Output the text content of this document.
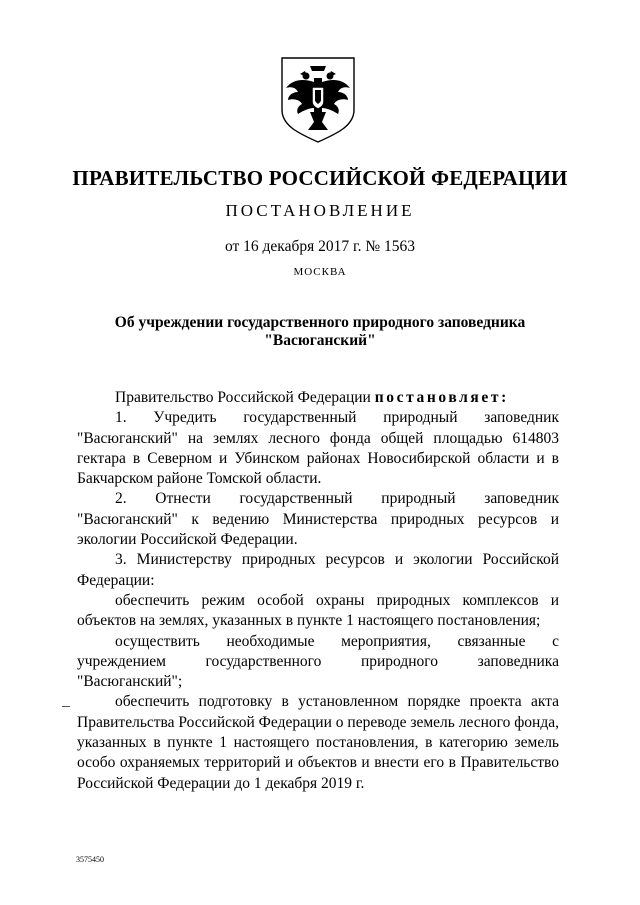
ПРАВИТЕЛЬСТВО РОССИЙСКОЙ ФЕДЕРАЦИИ
ПОСТАНОВЛЕНИЕ
от 16 декабря 2017 г. № 1563
МОСКВА
Об учреждении государственного природного заповедника
"Васюганский"

Правительство Российской Федерации постановляет:

1. Учредить государственный природный заповедник "Васюганский" на землях лесного фонда общей площадью 614803 гектара в Северном и Убинском районах Новосибирской области и в Бакчарском районе Томской области.

2. Отнести государственный природный заповедник "Васюганский" к ведению Министерства природных ресурсов и экологии Российской Федерации.

3. Министерству природных ресурсов и экологии Российской Федерации:

обеспечить режим особой охраны природных комплексов и объектов на землях, указанных в пункте 1 настоящего постановления;

осуществить необходимые мероприятия, связанные с учреждением государственного природного заповедника "Васюганский";

обеспечить подготовку в установленном порядке проекта акта Правительства Российской Федерации о переводе земель лесного фонда, указанных в пункте 1 настоящего постановления, в категорию земель особо охраняемых территорий и объектов и внести его в Правительство Российской Федерации до 1 декабря 2019 г.

3575450
